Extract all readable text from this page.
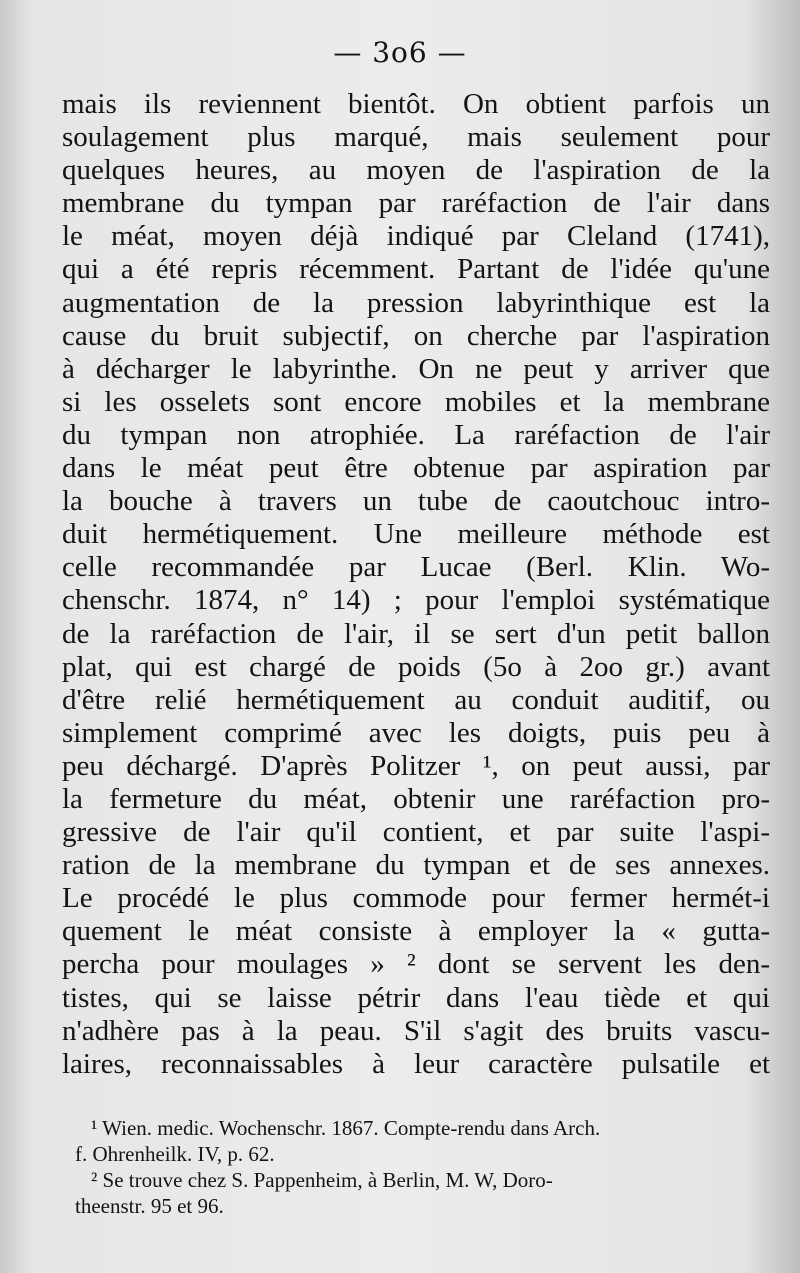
— 3o6 —
mais ils reviennent bientôt. On obtient parfois un
soulagement plus marqué, mais seulement pour
quelques heures, au moyen de l'aspiration de la
membrane du tympan par raréfaction de l'air dans
le méat, moyen déjà indiqué par Cleland (1741),
qui a été repris récemment. Partant de l'idée qu'une
augmentation de la pression labyrinthique est la
cause du bruit subjectif, on cherche par l'aspiration
à décharger le labyrinthe. On ne peut y arriver que
si les osselets sont encore mobiles et la membrane
du tympan non atrophiée. La raréfaction de l'air
dans le méat peut être obtenue par aspiration par
la bouche à travers un tube de caoutchouc intro-
duit hermétiquement. Une meilleure méthode est
celle recommandée par Lucae (Berl. Klin. Wo-
chenschr. 1874, n° 14) ; pour l'emploi systématique
de la raréfaction de l'air, il se sert d'un petit ballon
plat, qui est chargé de poids (5o à 2oo gr.) avant
d'être relié hermétiquement au conduit auditif, ou
simplement comprimé avec les doigts, puis peu à
peu déchargé. D'après Politzer ¹, on peut aussi, par
la fermeture du méat, obtenir une raréfaction pro-
gressive de l'air qu'il contient, et par suite l'aspi-
ration de la membrane du tympan et de ses annexes.
Le procédé le plus commode pour fermer hermét-i
quement le méat consiste à employer la « gutta-
percha pour moulages » ² dont se servent les den-
tistes, qui se laisse pétrir dans l'eau tiède et qui
n'adhère pas à la peau. S'il s'agit des bruits vascu-
laires, reconnaissables à leur caractère pulsatile et
¹ Wien. medic. Wochenschr. 1867. Compte-rendu dans Arch.
f. Ohrenheilk. IV, p. 62.
² Se trouve chez S. Pappenheim, à Berlin, M. W, Doro-
theenstr. 95 et 96.
